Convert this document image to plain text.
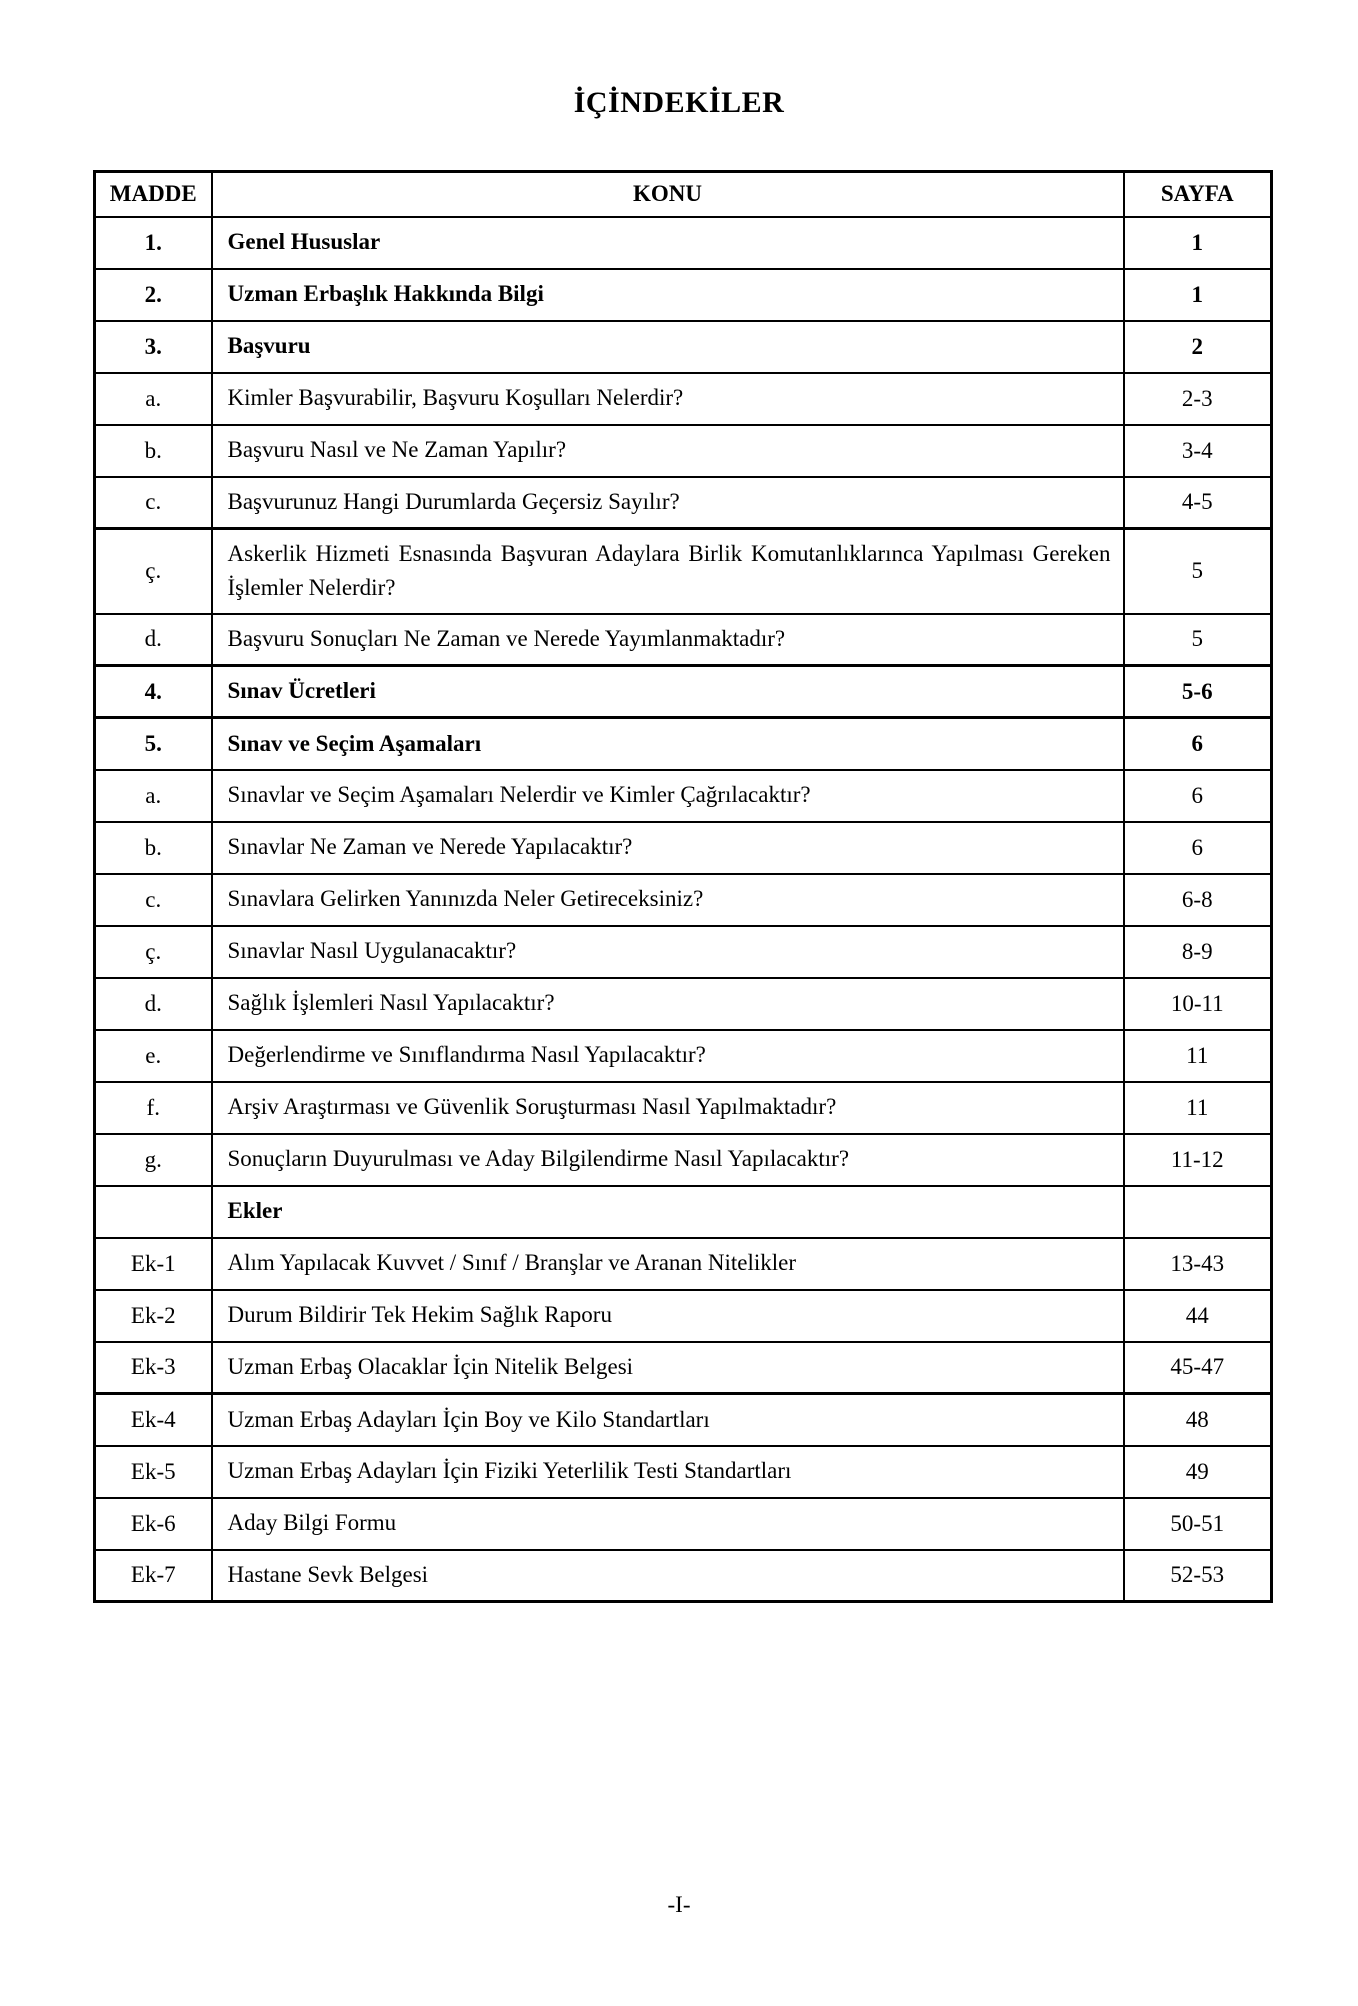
İÇİNDEKİLER
MADDE	KONU	SAYFA
1.	Genel Hususlar	1
2.	Uzman Erbaşlık Hakkında Bilgi	1
3.	Başvuru	2
a.	Kimler Başvurabilir, Başvuru Koşulları Nelerdir?	2-3
b.	Başvuru Nasıl ve Ne Zaman Yapılır?	3-4
c.	Başvurunuz Hangi Durumlarda Geçersiz Sayılır?	4-5
ç.	Askerlik Hizmeti Esnasında Başvuran Adaylara Birlik Komutanlıklarınca Yapılması Gereken İşlemler Nelerdir?	5
d.	Başvuru Sonuçları Ne Zaman ve Nerede Yayımlanmaktadır?	5
4.	Sınav Ücretleri	5-6
5.	Sınav ve Seçim Aşamaları	6
a.	Sınavlar ve Seçim Aşamaları Nelerdir ve Kimler Çağrılacaktır?	6
b.	Sınavlar Ne Zaman ve Nerede Yapılacaktır?	6
c.	Sınavlara Gelirken Yanınızda Neler Getireceksiniz?	6-8
ç.	Sınavlar Nasıl Uygulanacaktır?	8-9
d.	Sağlık İşlemleri Nasıl Yapılacaktır?	10-11
e.	Değerlendirme ve Sınıflandırma Nasıl Yapılacaktır?	11
f.	Arşiv Araştırması ve Güvenlik Soruşturması Nasıl Yapılmaktadır?	11
g.	Sonuçların Duyurulması ve Aday Bilgilendirme Nasıl Yapılacaktır?	11-12
	Ekler	
Ek-1	Alım Yapılacak Kuvvet / Sınıf / Branşlar ve Aranan Nitelikler	13-43
Ek-2	Durum Bildirir Tek Hekim Sağlık Raporu	44
Ek-3	Uzman Erbaş Olacaklar İçin Nitelik Belgesi	45-47
Ek-4	Uzman Erbaş Adayları İçin Boy ve Kilo Standartları	48
Ek-5	Uzman Erbaş Adayları İçin Fiziki Yeterlilik Testi Standartları	49
Ek-6	Aday Bilgi Formu	50-51
Ek-7	Hastane Sevk Belgesi	52-53
-I-
